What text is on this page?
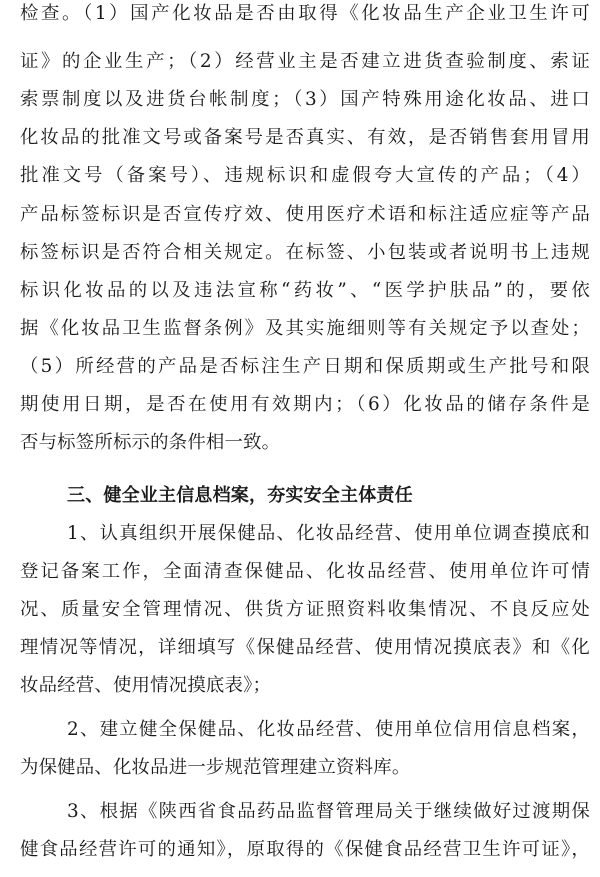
检查。（1）国产化妆品是否由取得《化妆品生产企业卫生许可
证》的企业生产；（2）经营业主是否建立进货查验制度、索证
索票制度以及进货台帐制度；（3）国产特殊用途化妆品、进口
化妆品的批准文号或备案号是否真实、有效，是否销售套用冒用
批准文号（备案号）、违规标识和虚假夸大宣传的产品；（4）
产品标签标识是否宣传疗效、使用医疗术语和标注适应症等产品
标签标识是否符合相关规定。在标签、小包装或者说明书上违规
标识化妆品的以及违法宣称“药妆”、“医学护肤品”的，要依
据《化妆品卫生监督条例》及其实施细则等有关规定予以查处；
（5）所经营的产品是否标注生产日期和保质期或生产批号和限
期使用日期，是否在使用有效期内；（6）化妆品的储存条件是
否与标签所标示的条件相一致。
三、健全业主信息档案，夯实安全主体责任
1、认真组织开展保健品、化妆品经营、使用单位调查摸底和
登记备案工作，全面清查保健品、化妆品经营、使用单位许可情
况、质量安全管理情况、供货方证照资料收集情况、不良反应处
理情况等情况，详细填写《保健品经营、使用情况摸底表》和《化
妆品经营、使用情况摸底表》；
2、建立健全保健品、化妆品经营、使用单位信用信息档案，
为保健品、化妆品进一步规范管理建立资料库。
3、根据《陕西省食品药品监督管理局关于继续做好过渡期保
健食品经营许可的通知》，原取得的《保健食品经营卫生许可证》，
